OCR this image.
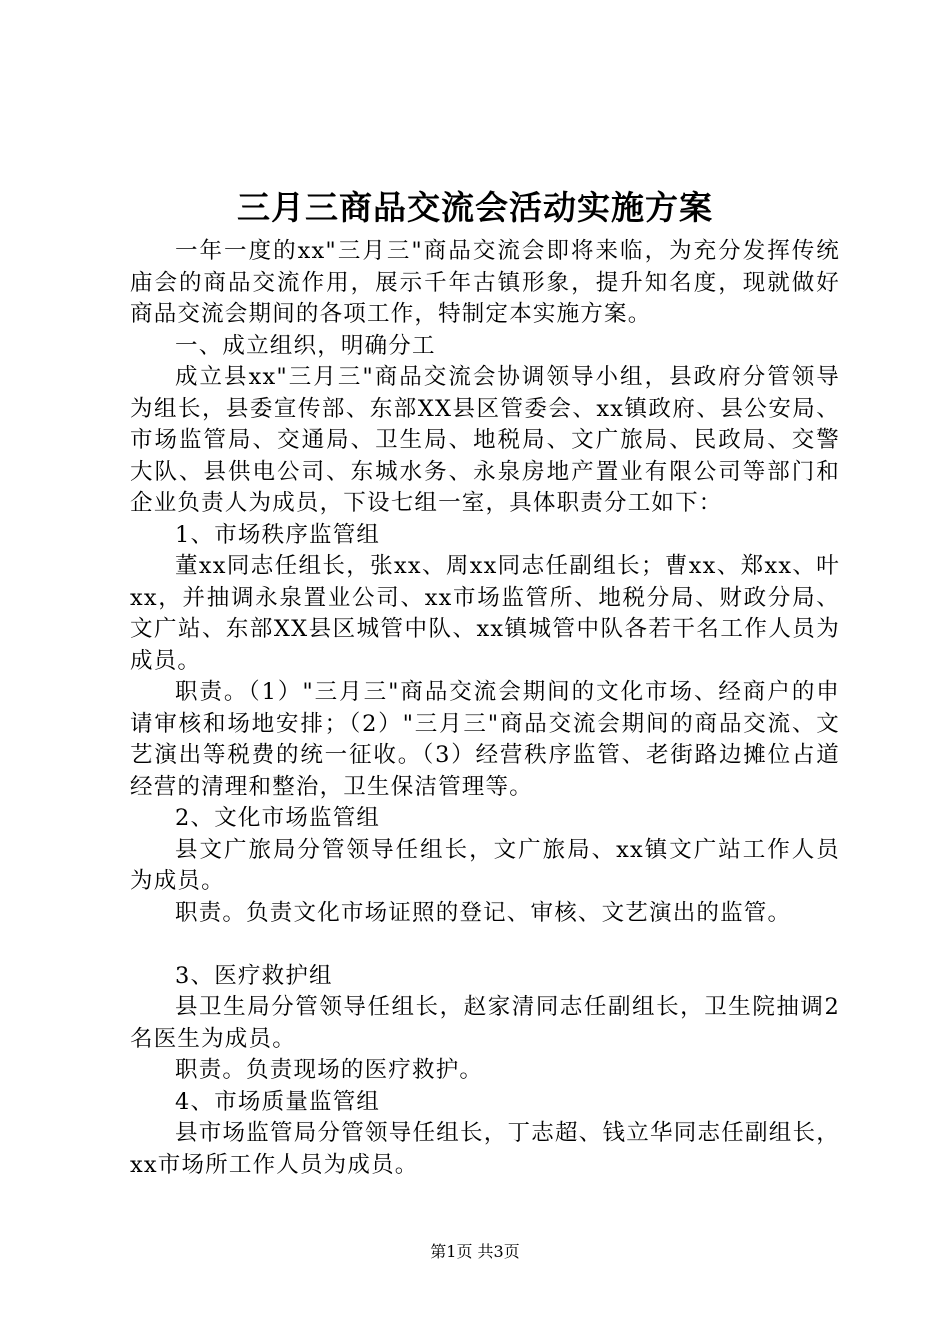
三月三商品交流会活动实施方案

一年一度的xx"三月三"商品交流会即将来临，为充分发挥传统庙会的商品交流作用，展示千年古镇形象，提升知名度，现就做好商品交流会期间的各项工作，特制定本实施方案。

一、成立组织，明确分工

成立县xx"三月三"商品交流会协调领导小组，县政府分管领导为组长，县委宣传部、东部XX县区管委会、xx镇政府、县公安局、市场监管局、交通局、卫生局、地税局、文广旅局、民政局、交警大队、县供电公司、东城水务、永泉房地产置业有限公司等部门和企业负责人为成员，下设七组一室，具体职责分工如下：

1、市场秩序监管组

董xx同志任组长，张xx、周xx同志任副组长；曹xx、郑xx、叶xx，并抽调永泉置业公司、xx市场监管所、地税分局、财政分局、文广站、东部XX县区城管中队、xx镇城管中队各若干名工作人员为成员。

职责。（1）"三月三"商品交流会期间的文化市场、经商户的申请审核和场地安排；（2）"三月三"商品交流会期间的商品交流、文艺演出等税费的统一征收。（3）经营秩序监管、老街路边摊位占道经营的清理和整治，卫生保洁管理等。

2、文化市场监管组

县文广旅局分管领导任组长，文广旅局、xx镇文广站工作人员为成员。

职责。负责文化市场证照的登记、审核、文艺演出的监管。

3、医疗救护组

县卫生局分管领导任组长，赵家清同志任副组长，卫生院抽调2名医生为成员。

职责。负责现场的医疗救护。

4、市场质量监管组

县市场监管局分管领导任组长，丁志超、钱立华同志任副组长，xx市场所工作人员为成员。

第1页 共3页
